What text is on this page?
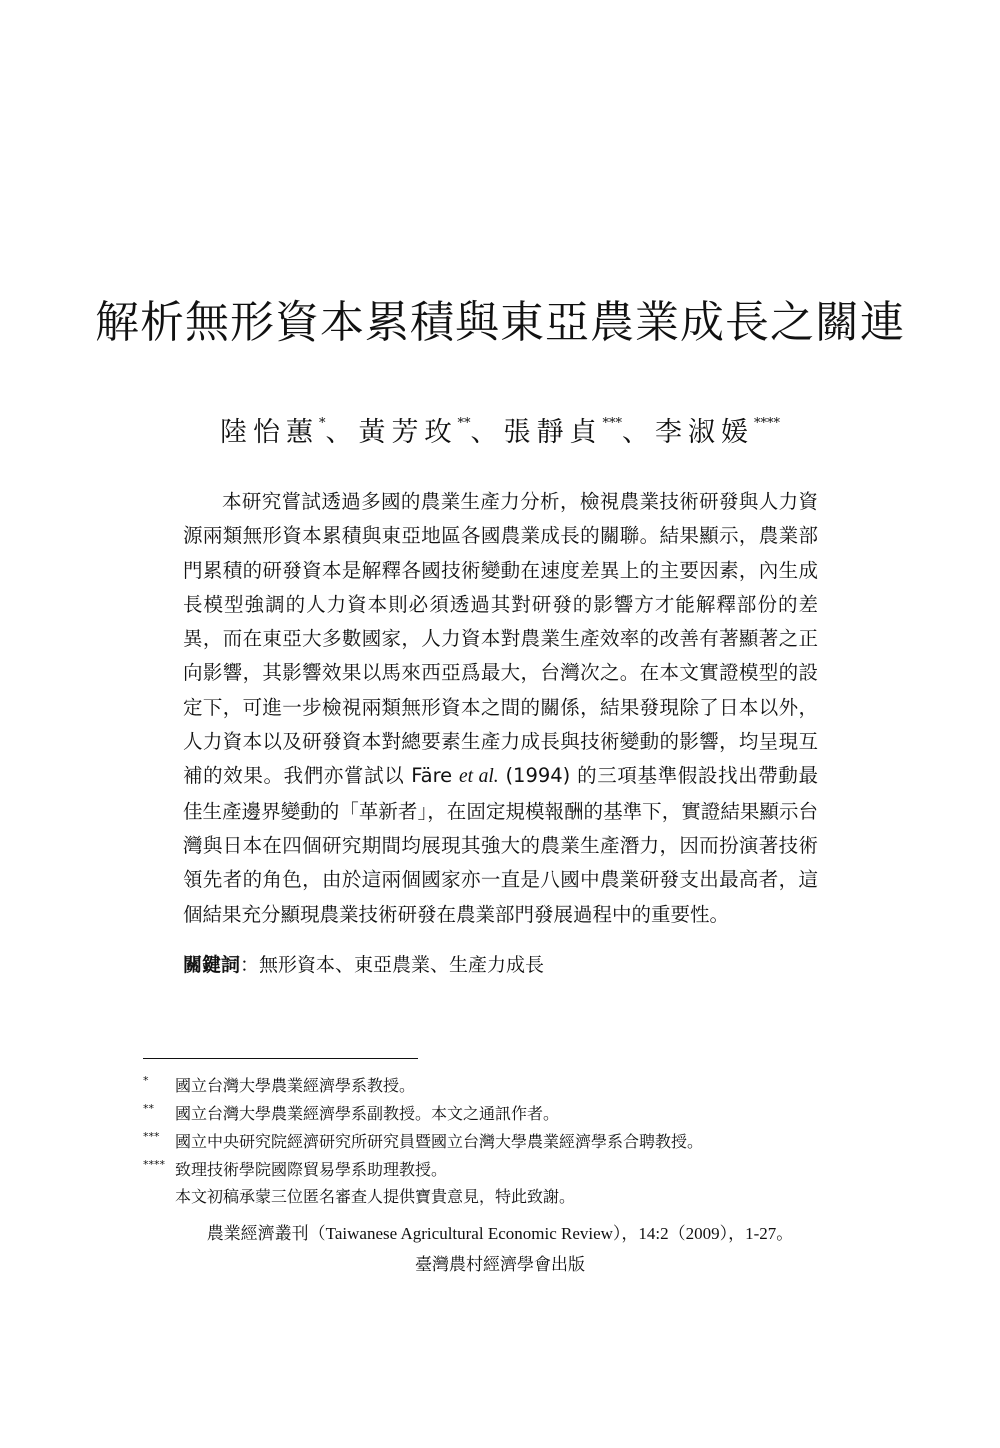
解析無形資本累積與東亞農業成長之關連
陸怡蕙*、黃芳玫**、張靜貞***、李淑媛****

本研究嘗試透過多國的農業生產力分析，檢視農業技術研發與人力資源兩類無形資本累積與東亞地區各國農業成長的關聯。結果顯示，農業部門累積的研發資本是解釋各國技術變動在速度差異上的主要因素，內生成長模型強調的人力資本則必須透過其對研發的影響方才能解釋部份的差異，而在東亞大多數國家，人力資本對農業生產效率的改善有著顯著之正向影響，其影響效果以馬來西亞爲最大，台灣次之。在本文實證模型的設定下，可進一步檢視兩類無形資本之間的關係，結果發現除了日本以外，人力資本以及研發資本對總要素生產力成長與技術變動的影響，均呈現互補的效果。我們亦嘗試以 Färe et al. (1994) 的三項基準假設找出帶動最佳生產邊界變動的「革新者」，在固定規模報酬的基準下，實證結果顯示台灣與日本在四個研究期間均展現其強大的農業生產潛力，因而扮演著技術領先者的角色，由於這兩個國家亦一直是八國中農業研發支出最高者，這個結果充分顯現農業技術研發在農業部門發展過程中的重要性。

關鍵詞：無形資本、東亞農業、生產力成長
* 國立台灣大學農業經濟學系教授。
** 國立台灣大學農業經濟學系副教授。本文之通訊作者。
*** 國立中央研究院經濟研究所研究員暨國立台灣大學農業經濟學系合聘教授。
**** 致理技術學院國際貿易學系助理教授。
本文初稿承蒙三位匿名審查人提供寶貴意見，特此致謝。
農業經濟叢刊（Taiwanese Agricultural Economic Review），14:2（2009），1-27。
臺灣農村經濟學會出版
